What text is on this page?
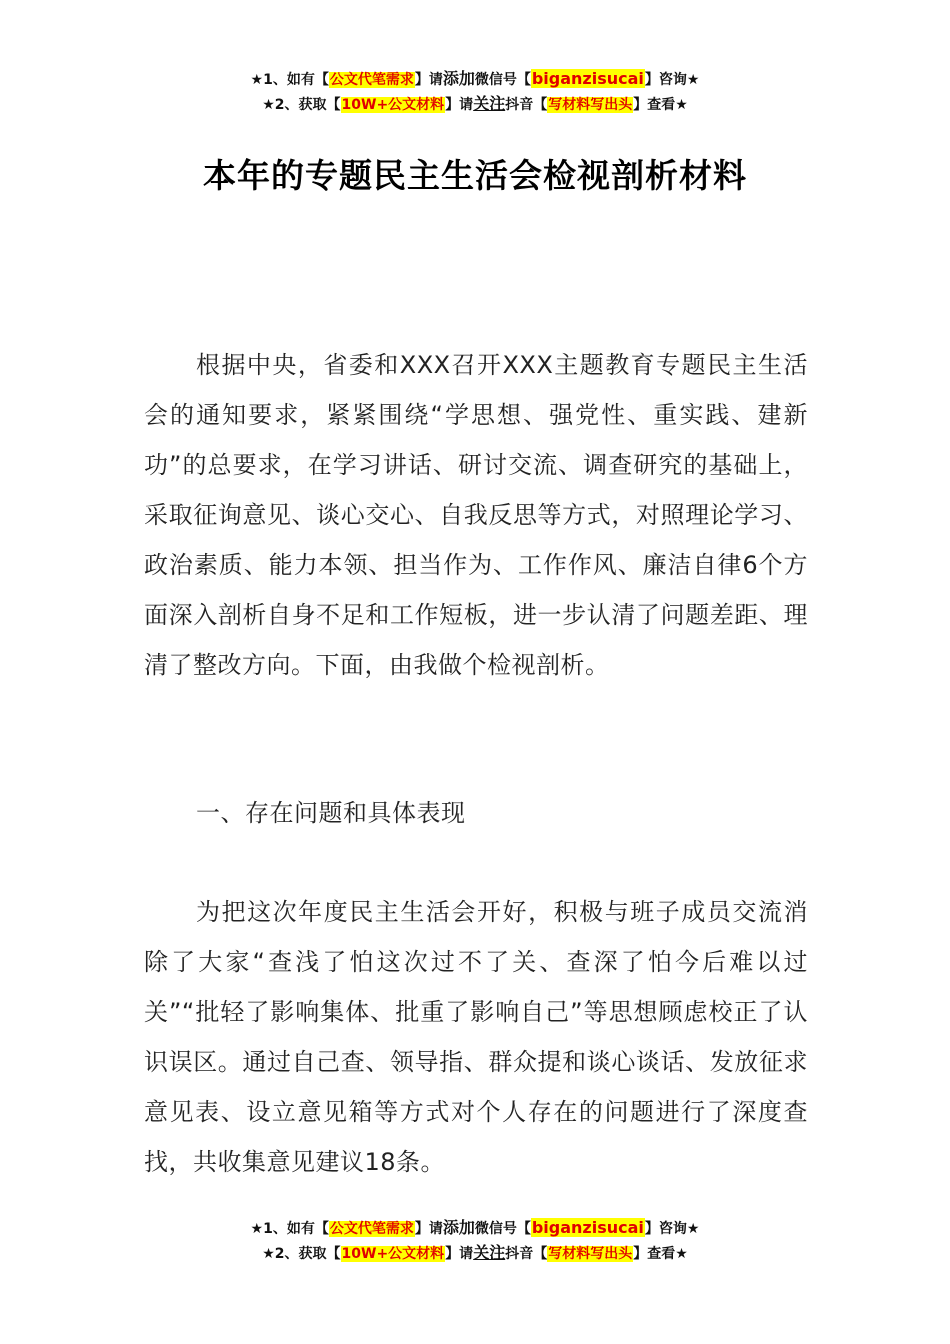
★1、如有【公文代笔需求】请添加微信号【biganzisucai】咨询★
★2、获取【10W+公文材料】请关注抖音【写材料写出头】查看★
本年的专题民主生活会检视剖析材料
根据中央，省委和XXX召开XXX主题教育专题民主生活会的通知要求，紧紧围绕“学思想、强党性、重实践、建新功”的总要求，在学习讲话、研讨交流、调查研究的基础上，采取征询意见、谈心交心、自我反思等方式，对照理论学习、政治素质、能力本领、担当作为、工作作风、廉洁自律6个方面深入剖析自身不足和工作短板，进一步认清了问题差距、理清了整改方向。下面，由我做个检视剖析。
一、存在问题和具体表现
为把这次年度民主生活会开好，积极与班子成员交流消除了大家“查浅了怕这次过不了关、查深了怕今后难以过关”“批轻了影响集体、批重了影响自己”等思想顾虑校正了认识误区。通过自己查、领导指、群众提和谈心谈话、发放征求意见表、设立意见箱等方式对个人存在的问题进行了深度查找，共收集意见建议18条。
★1、如有【公文代笔需求】请添加微信号【biganzisucai】咨询★
★2、获取【10W+公文材料】请关注抖音【写材料写出头】查看★
